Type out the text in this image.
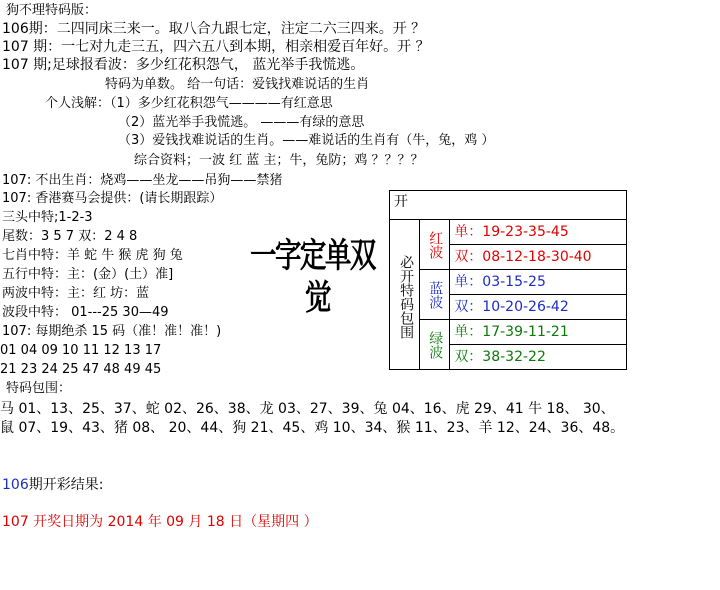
狗不理特码版：
106期：二四同床三来一。取八合九跟七定，注定二六三四来。开 ？
107 期：一七对九走三五，四六五八到本期，相亲相爱百年好。开 ？
107 期;足球报看波：多少红花积怨气， 蓝光举手我慌逃。
特码为单数。 给一句话：爱钱找难说话的生肖
个人浅解：（1）多少红花积怨气————有红意思
（2）蓝光举手我慌逃。 ———有绿的意思
（3）爱钱找难说话的生肖。——难说话的生肖有（牛，兔，鸡 ）
综合资料；一波 红 蓝 主；牛，兔防；鸡 ？？？？
107: 不出生肖：烧鸡——坐龙——吊狗——禁猪
107: 香港赛马会提供：(请长期跟踪）
三头中特;1-2-3
尾数：3 5 7 双：2 4 8
七肖中特：羊 蛇 牛 猴 虎 狗 兔
五行中特：主：(金）(土）准]
两波中特：主：红 坊：蓝
波段中特： 01---25 30—49
107: 每期绝杀 15 码（准！准！准！)
01 04 09 10 11 12 13 17
21 23 24 25 47 48 49 45
特码包围：
马 01、13、25、37、蛇 02、26、38、龙 03、27、39、兔 04、16、虎 29、41 牛 18、 30、
鼠 07、19、43、猪 08、 20、44、狗 21、45、鸡 10、34、猴 11、23、羊 12、24、36、48。
106期开彩结果:
107 开奖日期为 2014 年 09 月 18 日（星期四 ）
一字定单双
觉
开		
必开特码包围	红波	单：19-23-35-45
		双：08-12-18-30-40
	蓝波	单：03-15-25
		双：10-20-26-42
	绿波	单：17-39-11-21
		双：38-32-22
